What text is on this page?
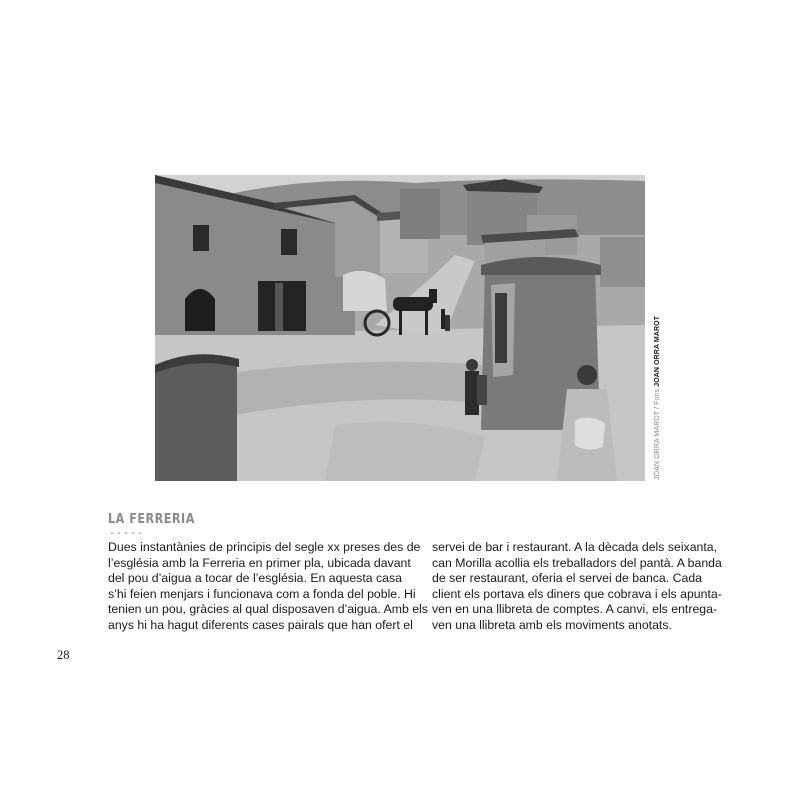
JOAN ORRA MAROT / Fons JOAN ORRA MAROT
LA FERRERIA
-----
Dues instantànies de principis del segle xx preses des de
l’església amb la Ferreria en primer pla, ubicada davant
del pou d’aigua a tocar de l’església. En aquesta casa
s’hi feien menjars i funcionava com a fonda del poble. Hi
tenien un pou, gràcies al qual disposaven d’aigua. Amb els
anys hi ha hagut diferents cases pairals que han ofert el
servei de bar i restaurant. A la dècada dels seixanta,
can Morilla acollia els treballadors del pantà. A banda
de ser restaurant, oferia el servei de banca. Cada
client els portava els diners que cobrava i els apunta-
ven en una llibreta de comptes. A canvi, els entrega-
ven una llibreta amb els moviments anotats.
28
